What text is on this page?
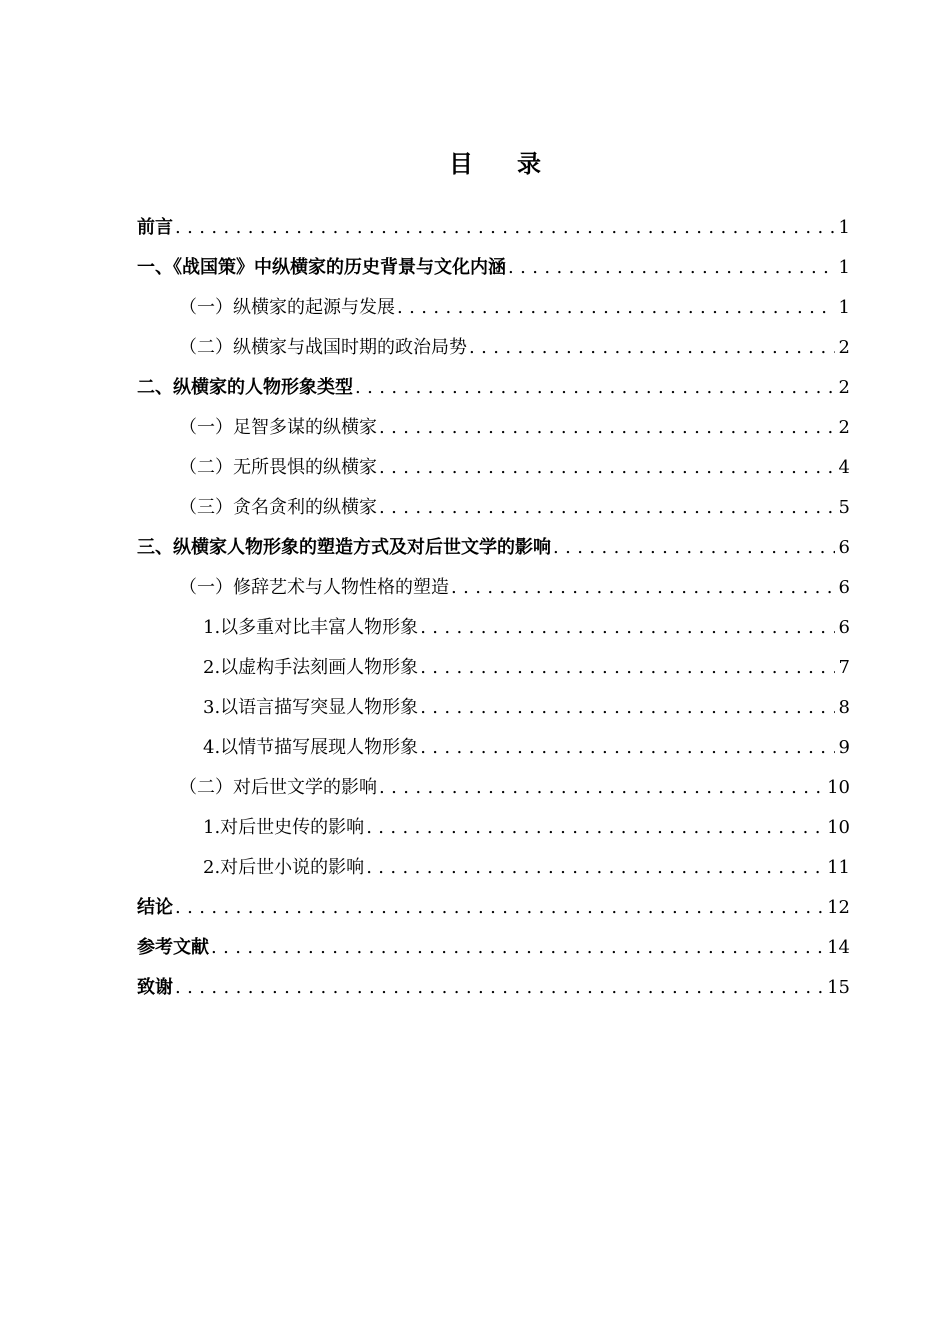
目 录
前言 .....	1
一、《战国策》中纵横家的历史背景与文化内涵 .....	1
（一）纵横家的起源与发展 .....	1
（二）纵横家与战国时期的政治局势 .....	2
二、纵横家的人物形象类型 .....	2
（一）足智多谋的纵横家 .....	2
（二）无所畏惧的纵横家 .....	4
（三）贪名贪利的纵横家 .....	5
三、纵横家人物形象的塑造方式及对后世文学的影响 .....	6
（一）修辞艺术与人物性格的塑造 .....	6
1.以多重对比丰富人物形象 .....	6
2.以虚构手法刻画人物形象 .....	7
3.以语言描写突显人物形象 .....	8
4.以情节描写展现人物形象 .....	9
（二）对后世文学的影响 .....	10
1.对后世史传的影响 .....	10
2.对后世小说的影响 .....	11
结论 .....	12
参考文献 .....	14
致谢 .....	15
